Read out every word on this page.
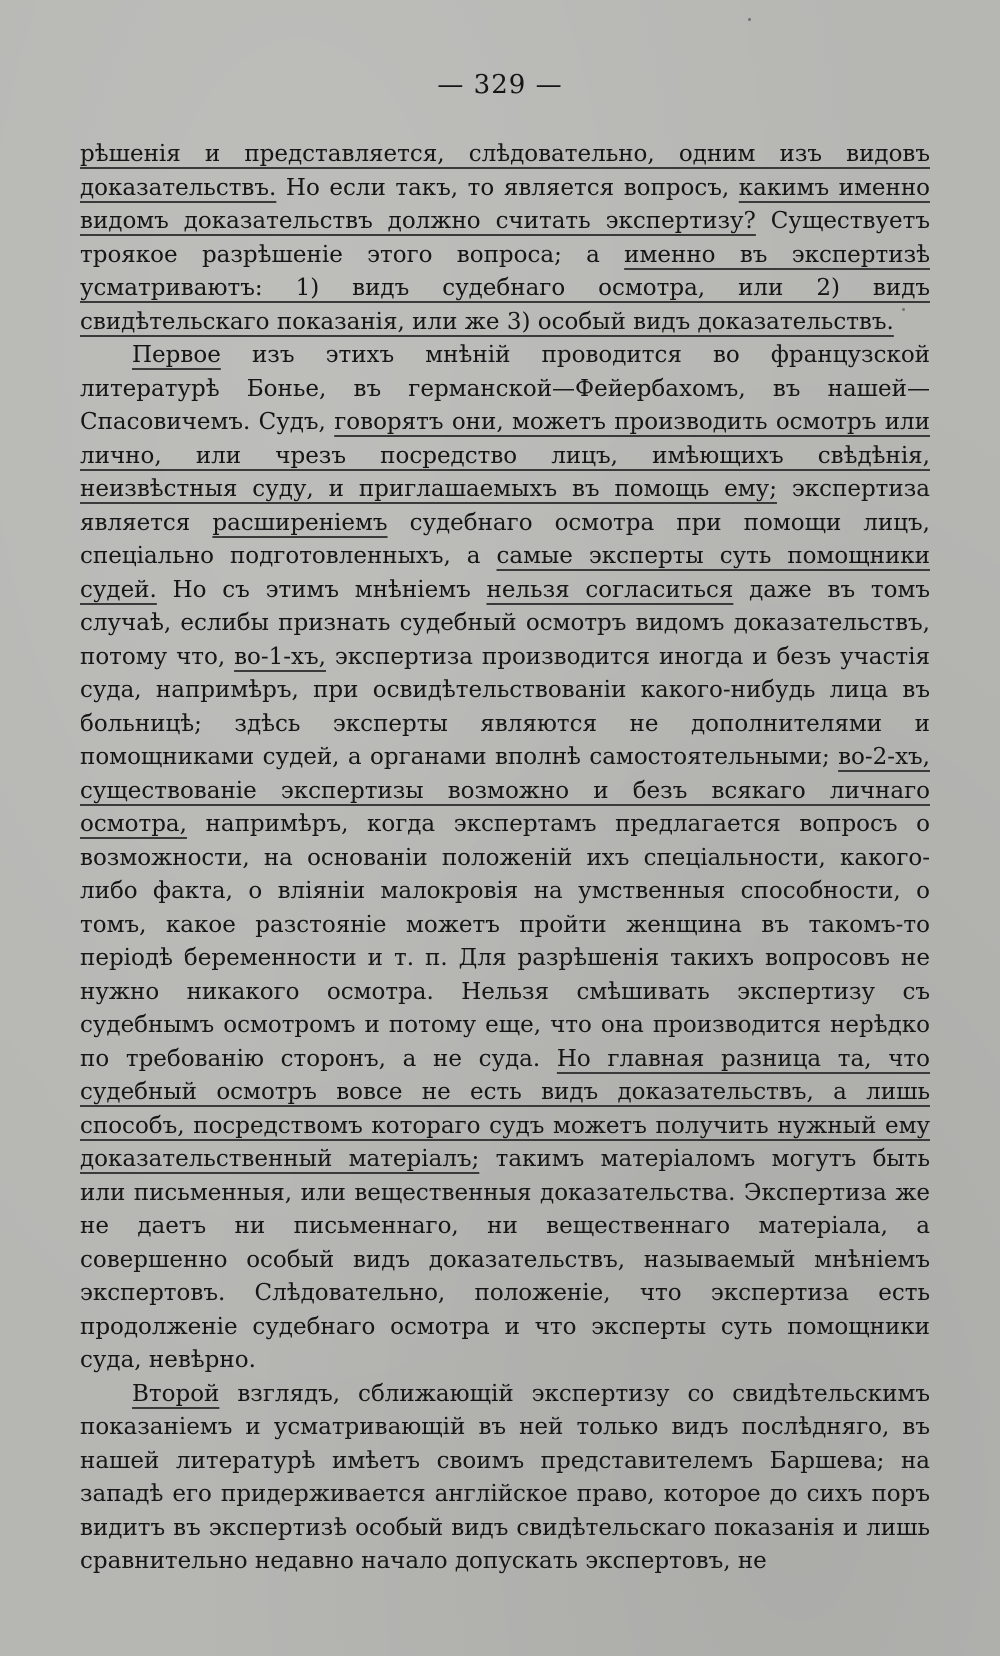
— 329 —

рѣшенія и представляется, слѣдовательно, одним изъ видовъ доказательствъ. Но если такъ, то является вопросъ, какимъ именно видомъ доказательствъ должно считать экспертизу? Существуетъ троякое разрѣшеніе этого вопроса; а именно въ экспертизѣ усматриваютъ: 1) видъ судебнаго осмотра, или 2) видъ свидѣтельскаго показанія, или же 3) особый видъ доказательствъ.

Первое изъ этихъ мнѣній проводится во французской литературѣ Бонье, въ германской—Фейербахомъ, въ нашей—Спасовичемъ. Судъ, говорятъ они, можетъ производить осмотръ или лично, или чрезъ посредство лицъ, имѣющихъ свѣдѣнія, неизвѣстныя суду, и приглашаемыхъ въ помощь ему; экспертиза является расширеніемъ судебнаго осмотра при помощи лицъ, спеціально подготовленныхъ, а самые эксперты суть помощники судей. Но съ этимъ мнѣніемъ нельзя согласиться даже въ томъ случаѣ, еслибы признать судебный осмотръ видомъ доказательствъ, потому что, во-1-хъ, экспертиза производится иногда и безъ участія суда, напримѣръ, при освидѣтельствованіи какого-нибудь лица въ больницѣ; здѣсь эксперты являются не дополнителями и помощниками судей, а органами вполнѣ самостоятельными; во-2-хъ, существованіе экспертизы возможно и безъ всякаго личнаго осмотра, напримѣръ, когда экспертамъ предлагается вопросъ о возможности, на основаніи положеній ихъ спеціальности, какого-либо факта, о вліяніи малокровія на умственныя способности, о томъ, какое разстояніе можетъ пройти женщина въ такомъ-то періодѣ беременности и т. п. Для разрѣшенія такихъ вопросовъ не нужно никакого осмотра. Нельзя смѣшивать экспертизу съ судебнымъ осмотромъ и потому еще, что она производится нерѣдко по требованію сторонъ, а не суда. Но главная разница та, что судебный осмотръ вовсе не есть видъ доказательствъ, а лишь способъ, посредствомъ котораго судъ можетъ получить нужный ему доказательственный матеріалъ; такимъ матеріаломъ могутъ быть или письменныя, или вещественныя доказательства. Экспертиза же не даетъ ни письменнаго, ни вещественнаго матеріала, а совершенно особый видъ доказательствъ, называемый мнѣніемъ экспертовъ. Слѣдовательно, положеніе, что экспертиза есть продолженіе судебнаго осмотра и что эксперты суть помощники суда, невѣрно.

Второй взглядъ, сближающій экспертизу со свидѣтельскимъ показаніемъ и усматривающій въ ней только видъ послѣдняго, въ нашей литературѣ имѣетъ своимъ представителемъ Баршева; на западѣ его придерживается англійское право, которое до сихъ поръ видитъ въ экспертизѣ особый видъ свидѣтельскаго показанія и лишь сравнительно недавно начало допускать экспертовъ, не
